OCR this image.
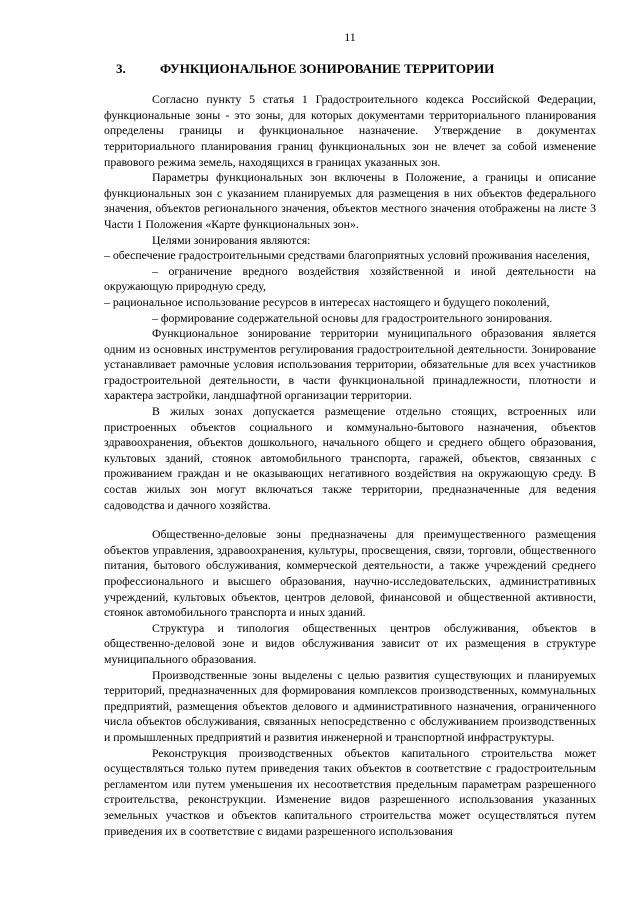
11
3.	ФУНКЦИОНАЛЬНОЕ ЗОНИРОВАНИЕ ТЕРРИТОРИИ

Согласно пункту 5 статья 1 Градостроительного кодекса Российской Федерации, функциональные зоны - это зоны, для которых документами территориального планирования определены границы и функциональное назначение. Утверждение в документах территориального планирования границ функциональных зон не влечет за собой изменение правового режима земель, находящихся в границах указанных зон.

Параметры функциональных зон включены в Положение, а границы и описание функциональных зон с указанием планируемых для размещения в них объектов федерального значения, объектов регионального значения, объектов местного значения отображены на листе 3 Части 1 Положения «Карте функциональных зон».

Целями зонирования являются:

– обеспечение градостроительными средствами благоприятных условий проживания населения,

– ограничение вредного воздействия хозяйственной и иной деятельности на окружающую природную среду,

– рациональное использование ресурсов в интересах настоящего и будущего поколений,

– формирование содержательной основы для градостроительного зонирования.

Функциональное зонирование территории муниципального образования является одним из основных инструментов регулирования градостроительной деятельности. Зонирование устанавливает рамочные условия использования территории, обязательные для всех участников градостроительной деятельности, в части функциональной принадлежности, плотности и характера застройки, ландшафтной организации территории.

В жилых зонах допускается размещение отдельно стоящих, встроенных или пристроенных объектов социального и коммунально-бытового назначения, объектов здравоохранения, объектов дошкольного, начального общего и среднего общего образования, культовых зданий, стоянок автомобильного транспорта, гаражей, объектов, связанных с проживанием граждан и не оказывающих негативного воздействия на окружающую среду. В состав жилых зон могут включаться также территории, предназначенные для ведения садоводства и дачного хозяйства.

Общественно-деловые зоны предназначены для преимущественного размещения объектов управления, здравоохранения, культуры, просвещения, связи, торговли, общественного питания, бытового обслуживания, коммерческой деятельности, а также учреждений среднего профессионального и высшего образования, научно-исследовательских, административных учреждений, культовых объектов, центров деловой, финансовой и общественной активности, стоянок автомобильного транспорта и иных зданий.

Структура и типология общественных центров обслуживания, объектов в общественно-деловой зоне и видов обслуживания зависит от их размещения в структуре муниципального образования.

Производственные зоны выделены с целью развития существующих и планируемых территорий, предназначенных для формирования комплексов производственных, коммунальных предприятий, размещения объектов делового и административного назначения, ограниченного числа объектов обслуживания, связанных непосредственно с обслуживанием производственных и промышленных предприятий и развития инженерной и транспортной инфраструктуры.

Реконструкция производственных объектов капитального строительства может осуществляться только путем приведения таких объектов в соответствие с градостроительным регламентом или путем уменьшения их несоответствия предельным параметрам разрешенного строительства, реконструкции. Изменение видов разрешенного использования указанных земельных участков и объектов капитального строительства может осуществляться путем приведения их в соответствие с видами разрешенного использования
